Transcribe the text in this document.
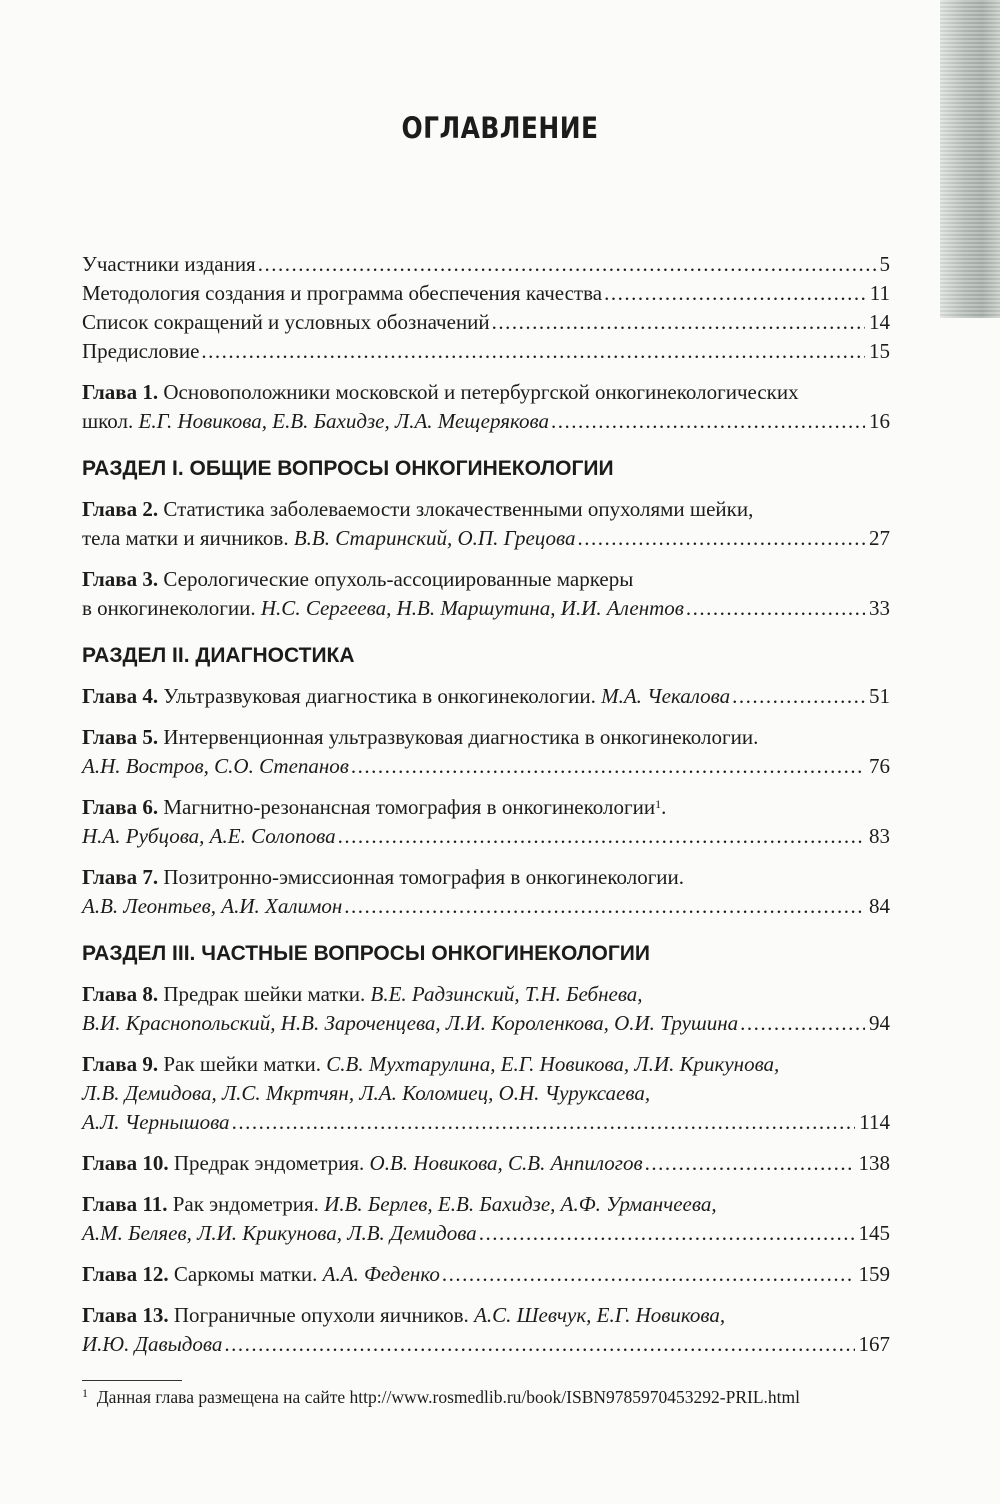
ОГЛАВЛЕНИЕ
Участники издания .....	5
Методология создания и программа обеспечения качества .....	11
Список сокращений и условных обозначений .....	14
Предисловие .....	15
Глава 1. Основоположники московской и петербургской онкогинекологических
школ. Е.Г. Новикова, Е.В. Бахидзе, Л.А. Мещерякова .....	16
РАЗДЕЛ I. ОБЩИЕ ВОПРОСЫ ОНКОГИНЕКОЛОГИИ
Глава 2. Статистика заболеваемости злокачественными опухолями шейки,
тела матки и яичников. В.В. Старинский, О.П. Грецова .....	27
Глава 3. Серологические опухоль-ассоциированные маркеры
в онкогинекологии. Н.С. Сергеева, Н.В. Маршутина, И.И. Алентов .....	33
РАЗДЕЛ II. ДИАГНОСТИКА
Глава 4. Ультразвуковая диагностика в онкогинекологии. М.А. Чекалова .....	51
Глава 5. Интервенционная ультразвуковая диагностика в онкогинекологии.
А.Н. Востров, С.О. Степанов .....	76
Глава 6. Магнитно-резонансная томография в онкогинекологии$^1$.
Н.А. Рубцова, А.Е. Солопова .....	83
Глава 7. Позитронно-эмиссионная томография в онкогинекологии.
А.В. Леонтьев, А.И. Халимон .....	84
РАЗДЕЛ III. ЧАСТНЫЕ ВОПРОСЫ ОНКОГИНЕКОЛОГИИ
Глава 8. Предрак шейки матки. В.Е. Радзинский, Т.Н. Бебнева,
В.И. Краснопольский, Н.В. Зароченцева, Л.И. Короленкова, О.И. Трушина .....	94
Глава 9. Рак шейки матки. С.В. Мухтарулина, Е.Г. Новикова, Л.И. Крикунова,
Л.В. Демидова, Л.С. Мкртчян, Л.А. Коломиец, О.Н. Чуруксаева,
А.Л. Чернышова .....	114
Глава 10. Предрак эндометрия. О.В. Новикова, С.В. Анпилогов .....	138
Глава 11. Рак эндометрия. И.В. Берлев, Е.В. Бахидзе, А.Ф. Урманчеева,
А.М. Беляев, Л.И. Крикунова, Л.В. Демидова .....	145
Глава 12. Саркомы матки. А.А. Феденко .....	159
Глава 13. Пограничные опухоли яичников. А.С. Шевчук, Е.Г. Новикова,
И.Ю. Давыдова .....	167
$^1$ Данная глава размещена на сайте http://www.rosmedlib.ru/book/ISBN9785970453292-PRIL.html
